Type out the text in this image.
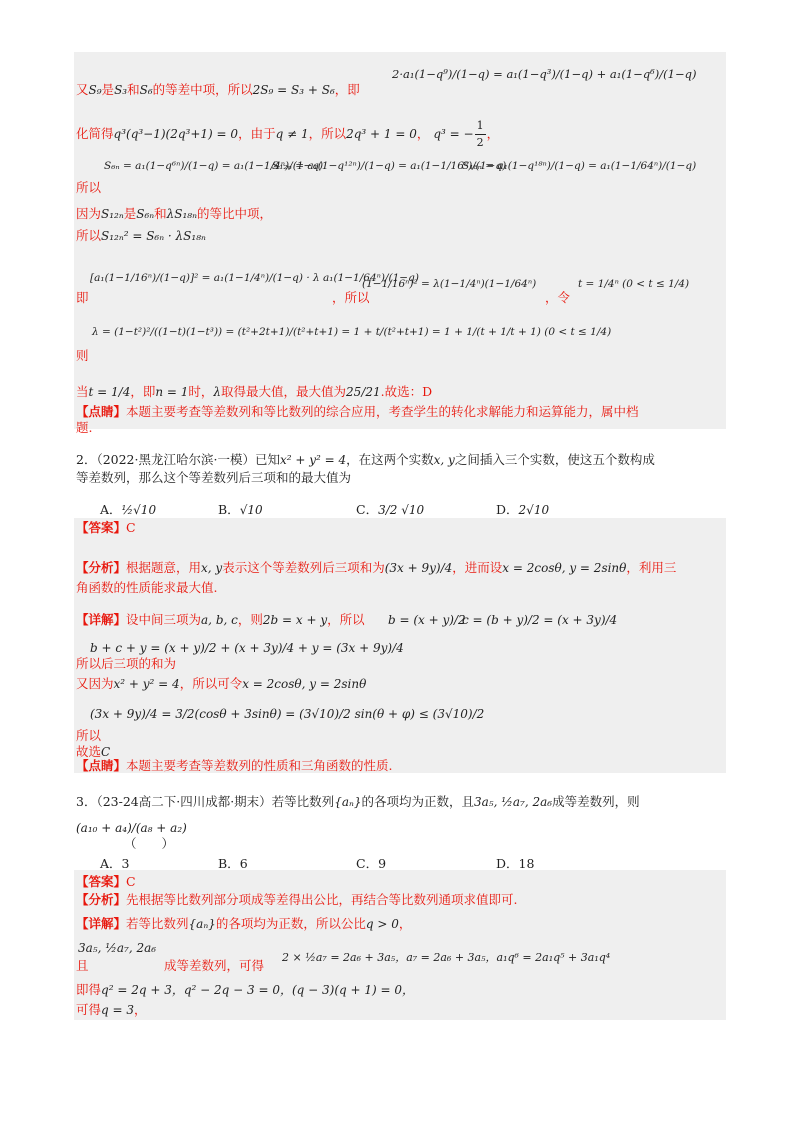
又S₉是S₃和S₆的等差中项，所以2S₉ = S₃ + S₆，即
2·a₁(1−q⁹)/(1−q) = a₁(1−q³)/(1−q) + a₁(1−q⁶)/(1−q)
化简得q³(q³−1)(2q³+1) = 0，由于q ≠ 1，所以2q³ + 1 = 0， q³ = − $\frac{1}{2}$ ，
S₆ₙ = a₁(1−q⁶ⁿ)/(1−q) = a₁(1−1/4ⁿ)/(1−q)
S₁₂ₙ = a₁(1−q¹²ⁿ)/(1−q) = a₁(1−1/16ⁿ)/(1−q)
S₁₈ₙ = a₁(1−q¹⁸ⁿ)/(1−q) = a₁(1−1/64ⁿ)/(1−q)
所以
因为S₁₂ₙ是S₆ₙ和λS₁₈ₙ的等比中项，
所以S₁₂ₙ² = S₆ₙ · λS₁₈ₙ
[a₁(1−1/16ⁿ)/(1−q)]² = a₁(1−1/4ⁿ)/(1−q) · λ a₁(1−1/64ⁿ)/(1−q)
即	，所以
(1−1/16ⁿ)² = λ(1−1/4ⁿ)(1−1/64ⁿ)
，令
t = 1/4ⁿ (0 < t ≤ 1/4)
λ = (1−t²)²/((1−t)(1−t³)) = (t²+2t+1)/(t²+t+1) = 1 + t/(t²+t+1) = 1 + 1/(t + 1/t + 1) (0 < t ≤ 1/4)
则
当t = 1/4，即n = 1时，λ取得最大值，最大值为25/21.故选：D
【点睛】本题主要考查等差数列和等比数列的综合应用，考查学生的转化求解能力和运算能力，属中档
题.
2．（2022·黑龙江哈尔滨·一模）已知x² + y² = 4，在这两个实数x, y之间插入三个实数，使这五个数构成
等差数列，那么这个等差数列后三项和的最大值为
A．½√10	B．√10	C．3/2 √10	D．2√10
【答案】C
【分析】根据题意，用x, y表示这个等差数列后三项和为(3x + 9y)/4，进而设x = 2cosθ, y = 2sinθ，利用三
角函数的性质能求最大值.
【详解】设中间三项为a, b, c，则2b = x + y，所以 b = (x + y)/2
c = (b + y)/2 = (x + 3y)/4
b + c + y = (x + y)/2 + (x + 3y)/4 + y = (3x + 9y)/4
所以后三项的和为
又因为x² + y² = 4，所以可令x = 2cosθ, y = 2sinθ
(3x + 9y)/4 = 3/2(cosθ + 3sinθ) = (3√10)/2 sin(θ + φ) ≤ (3√10)/2
所以
故选C
【点睛】本题主要考查等差数列的性质和三角函数的性质.
3．（23-24高二下·四川成都·期末）若等比数列{aₙ}的各项均为正数，且3a₅, ½a₇, 2a₆成等差数列，则
(a₁₀ + a₄)/(a₈ + a₂)
（　　）
A．3	B．6	C．9	D．18
【答案】C
【分析】先根据等比数列部分项成等差得出公比，再结合等比数列通项求值即可.
【详解】若等比数列{aₙ}的各项均为正数，所以公比q > 0，
3a₅, ½a₇, 2a₆
且	成等差数列，可得
2 × ½a₇ = 2a₆ + 3a₅，a₇ = 2a₆ + 3a₅，a₁q⁶ = 2a₁q⁵ + 3a₁q⁴
即得q² = 2q + 3，q² − 2q − 3 = 0，(q − 3)(q + 1) = 0，
可得q = 3，
